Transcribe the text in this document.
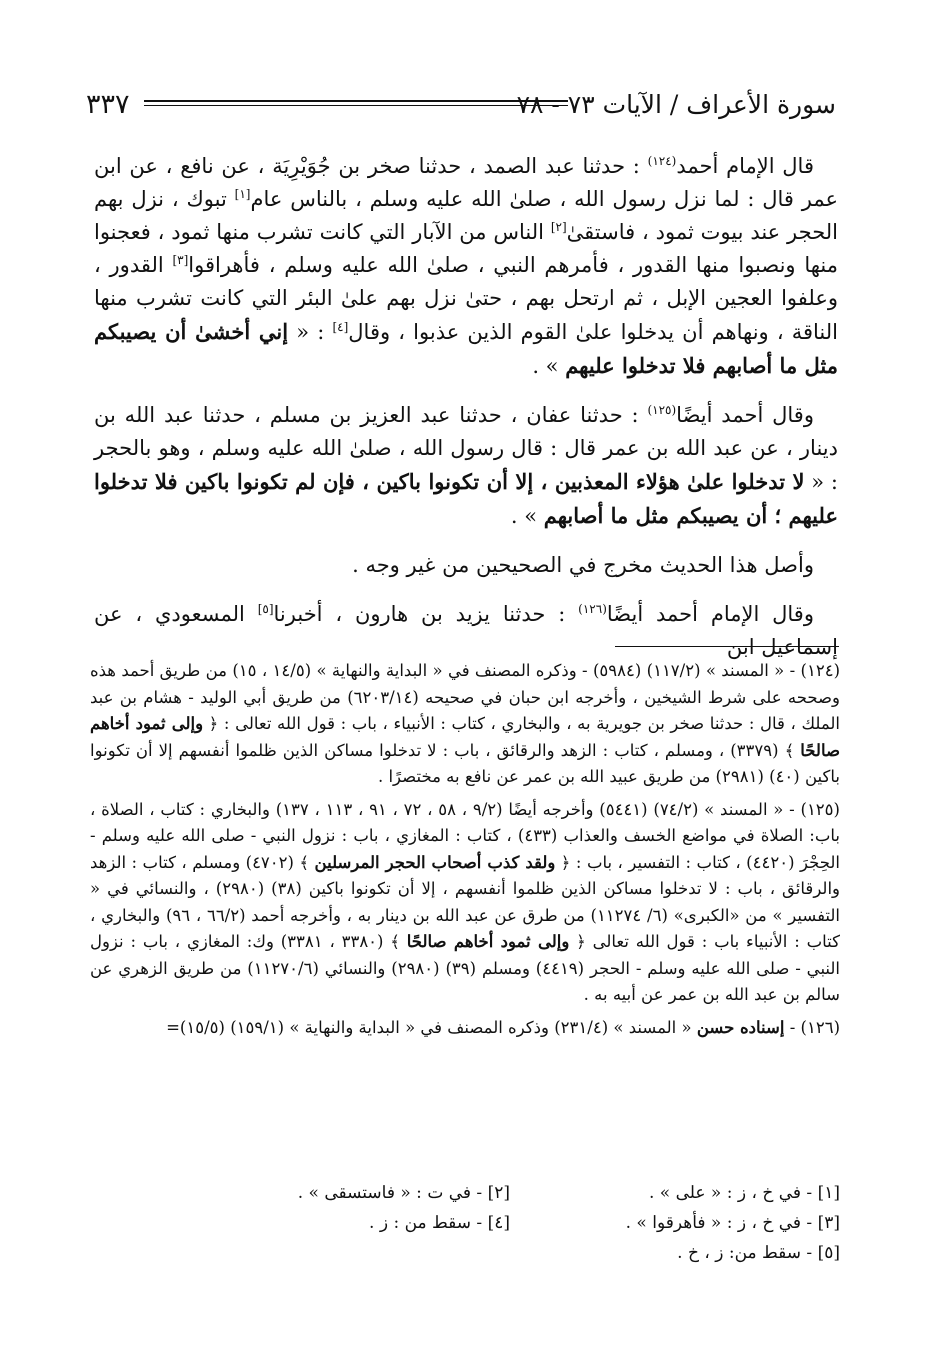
٣٣٧	سورة الأعراف / الآيات ٧٣ - ٧٨

قال الإمام أحمد$^{(١٢٤)}$ : حدثنا عبد الصمد ، حدثنا صخر بن جُوَيْرِيَة ، عن نافع ، عن ابن عمر قال : لما نزل رسول الله ، صلىٰ الله عليه وسلم ، بالناس عام[١] تبوك ، نزل بهم الحجر عند بيوت ثمود ، فاستقىٰ[٢] الناس من الآبار التي كانت تشرب منها ثمود ، فعجنوا منها ونصبوا منها القدور ، فأمرهم النبي ، صلىٰ الله عليه وسلم ، فأهراقوا[٣] القدور ، وعلفوا العجين الإبل ، ثم ارتحل بهم ، حتىٰ نزل بهم علىٰ البئر التي كانت تشرب منها الناقة ، ونهاهم أن يدخلوا علىٰ القوم الذين عذبوا ، وقال[٤] : « إني أخشىٰ أن يصيبكم مثل ما أصابهم فلا تدخلوا عليهم » .

وقال أحمد أيضًا$^{(١٢٥)}$ : حدثنا عفان ، حدثنا عبد العزيز بن مسلم ، حدثنا عبد الله بن دينار ، عن عبد الله بن عمر قال : قال رسول الله ، صلىٰ الله عليه وسلم ، وهو بالحجر : « لا تدخلوا علىٰ هؤلاء المعذبين ، إلا أن تكونوا باكين ، فإن لم تكونوا باكين فلا تدخلوا عليهم ؛ أن يصيبكم مثل ما أصابهم » .

وأصل هذا الحديث مخرج في الصحيحين من غير وجه .

وقال الإمام أحمد أيضًا$^{(١٢٦)}$ : حدثنا يزيد بن هارون ، أخبرنا[٥] المسعودي ، عن إسماعيل ابن

(١٢٤) - « المسند » (١١٧/٢) (٥٩٨٤) - وذكره المصنف في « البداية والنهاية » (١٤/٥ ، ١٥) من طريق أحمد هذه وصححه على شرط الشيخين ، وأخرجه ابن حبان في صحيحه (٦٢٠٣/١٤) من طريق أبي الوليد - هشام بن عبد الملك ، قال : حدثنا صخر بن جويرية به ، والبخاري ، كتاب : الأنبياء ، باب : قول الله تعالى : ﴿ وإلى ثمود أخاهم صالحًا ﴾ (٣٣٧٩) ، ومسلم ، كتاب : الزهد والرقائق ، باب : لا تدخلوا مساكن الذين ظلموا أنفسهم إلا أن تكونوا باكين (٤٠) (٢٩٨١) من طريق عبيد الله بن عمر عن نافع به مختصرًا .

(١٢٥) - « المسند » (٧٤/٢) (٥٤٤١) وأخرجه أيضًا (٩/٢ ، ٥٨ ، ٧٢ ، ٩١ ، ١١٣ ، ١٣٧) والبخاري : كتاب ، الصلاة ، باب: الصلاة في مواضع الخسف والعذاب (٤٣٣) ، كتاب : المغازي ، باب : نزول النبي - صلى الله عليه وسلم - الحِجْرَ (٤٤٢٠) ، كتاب : التفسير ، باب : ﴿ ولقد كذب أصحاب الحجر المرسلين ﴾ (٤٧٠٢) ومسلم ، كتاب : الزهد والرقائق ، باب : لا تدخلوا مساكن الذين ظلموا أنفسهم ، إلا أن تكونوا باكين (٣٨) (٢٩٨٠) ، والنسائي في « التفسير » من «الكبرى» (٦/ ١١٢٧٤) من طرق عن عبد الله بن دينار به ، وأخرجه أحمد (٦٦/٢ ، ٩٦) والبخاري ، كتاب : الأنبياء باب : قول الله تعالى ﴿ وإلى ثمود أخاهم صالحًا ﴾ (٣٣٨٠ ، ٣٣٨١) وك: المغازي ، باب : نزول النبي - صلى الله عليه وسلم - الحجر (٤٤١٩) ومسلم (٣٩) (٢٩٨٠) والنسائي (١١٢٧٠/٦) من طريق الزهري عن سالم بن عبد الله بن عمر عن أبيه به .

(١٢٦) - إسناده حسن « المسند » (٢٣١/٤) وذكره المصنف في « البداية والنهاية » (١٥٩/١) (١٥/٥)=

[١] - في خ ، ز : « على » .
[٢] - في ت : « فاستسقى » .
[٣] - في خ ، ز : « فأهرقوا » .
[٤] - سقط من : ز .
[٥] - سقط من: ز ، خ .
